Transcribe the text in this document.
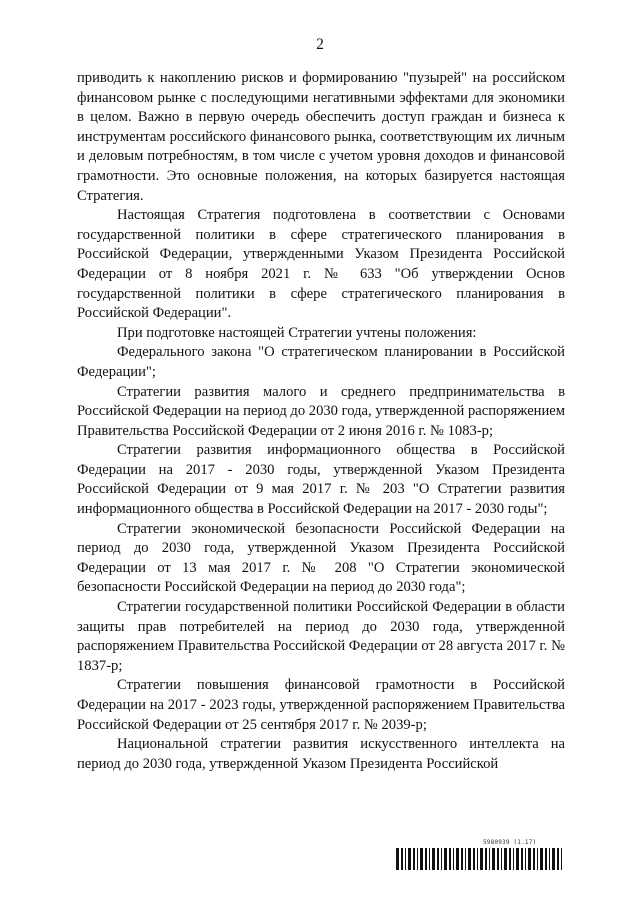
2

приводить к накоплению рисков и формированию "пузырей" на российском финансовом рынке с последующими негативными эффектами для экономики в целом. Важно в первую очередь обеспечить доступ граждан и бизнеса к инструментам российского финансового рынка, соответствующим их личным и деловым потребностям, в том числе с учетом уровня доходов и финансовой грамотности. Это основные положения, на которых базируется настоящая Стратегия.

Настоящая Стратегия подготовлена в соответствии с Основами государственной политики в сфере стратегического планирования в Российской Федерации, утвержденными Указом Президента Российской Федерации от 8 ноября 2021 г. № 633 "Об утверждении Основ государственной политики в сфере стратегического планирования в Российской Федерации".

При подготовке настоящей Стратегии учтены положения:

Федерального закона "О стратегическом планировании в Российской Федерации";

Стратегии развития малого и среднего предпринимательства в Российской Федерации на период до 2030 года, утвержденной распоряжением Правительства Российской Федерации от 2 июня 2016 г. № 1083-р;

Стратегии развития информационного общества в Российской Федерации на 2017 - 2030 годы, утвержденной Указом Президента Российской Федерации от 9 мая 2017 г. № 203 "О Стратегии развития информационного общества в Российской Федерации на 2017 - 2030 годы";

Стратегии экономической безопасности Российской Федерации на период до 2030 года, утвержденной Указом Президента Российской Федерации от 13 мая 2017 г. № 208 "О Стратегии экономической безопасности Российской Федерации на период до 2030 года";

Стратегии государственной политики Российской Федерации в области защиты прав потребителей на период до 2030 года, утвержденной распоряжением Правительства Российской Федерации от 28 августа 2017 г. № 1837-р;

Стратегии повышения финансовой грамотности в Российской Федерации на 2017 - 2023 годы, утвержденной распоряжением Правительства Российской Федерации от 25 сентября 2017 г. № 2039-р;

Национальной стратегии развития искусственного интеллекта на период до 2030 года, утвержденной Указом Президента Российской

5980939 (1.17)
